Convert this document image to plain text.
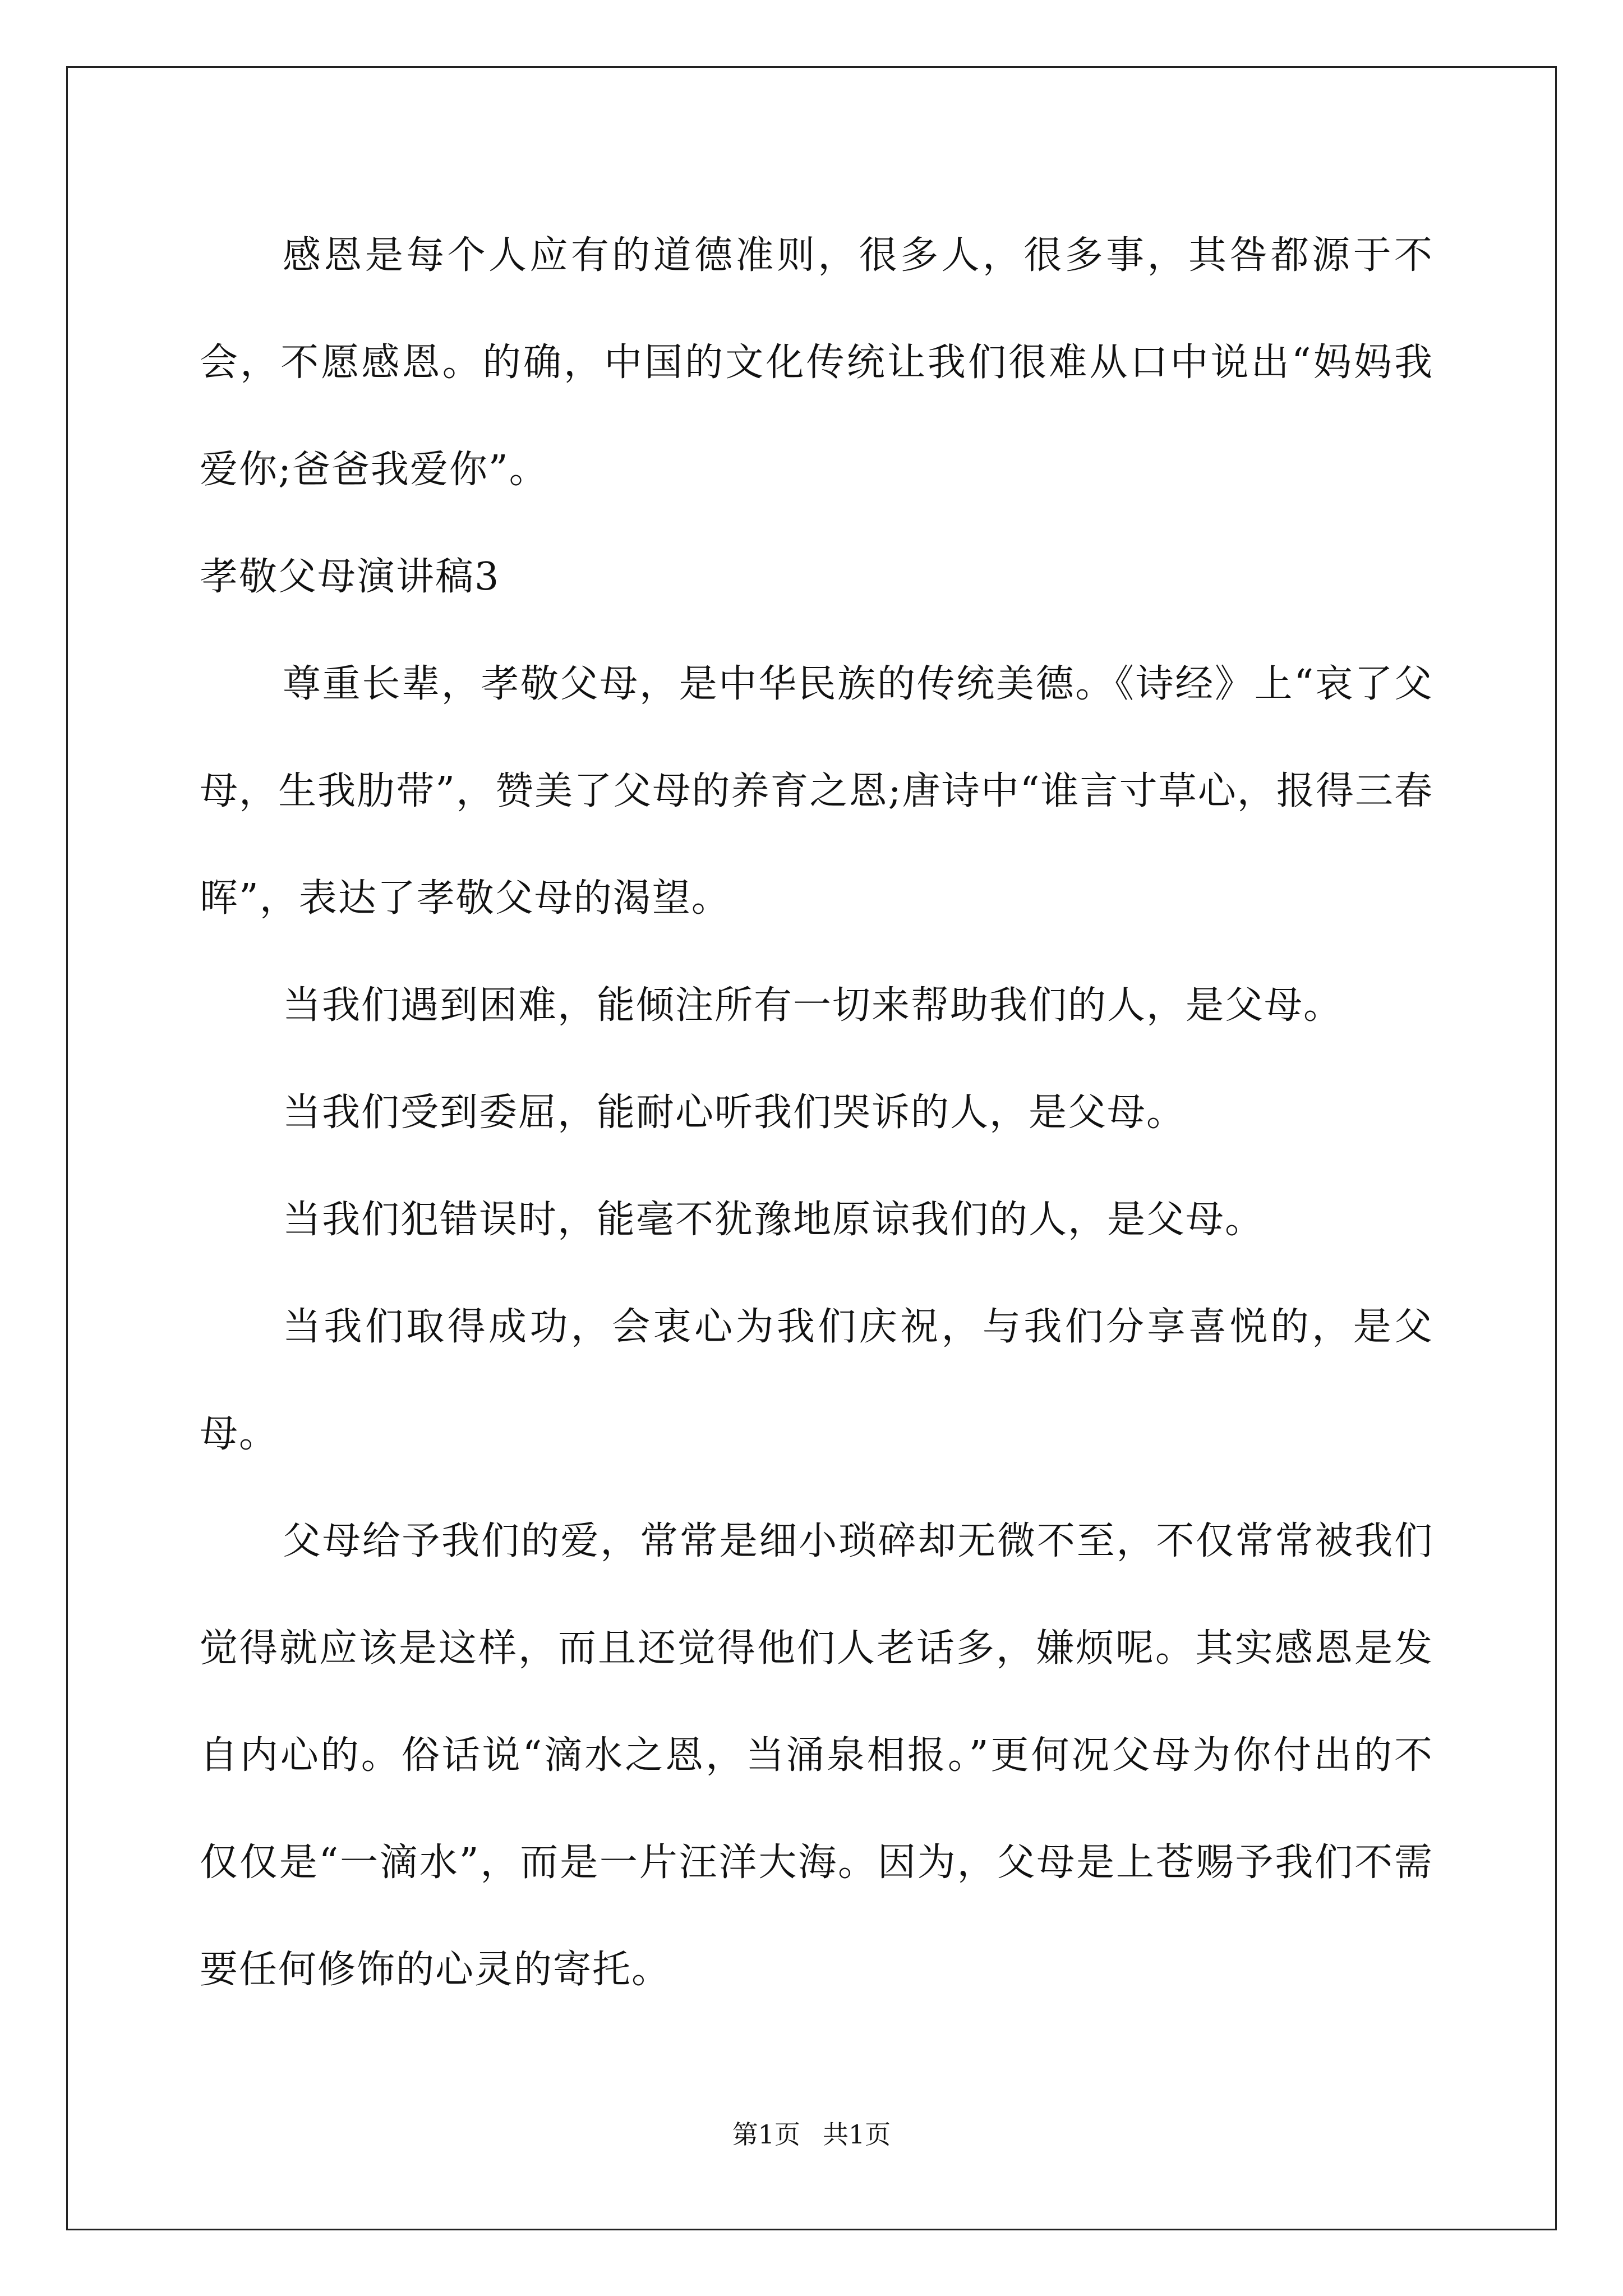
感恩是每个人应有的道德准则，很多人，很多事，其咎都源于不会，不愿感恩。的确，中国的文化传统让我们很难从口中说出“妈妈我爱你;爸爸我爱你”。

孝敬父母演讲稿3

尊重长辈，孝敬父母，是中华民族的传统美德。《诗经》上“哀了父母，生我肋带”，赞美了父母的养育之恩;唐诗中“谁言寸草心，报得三春晖”，表达了孝敬父母的渴望。

当我们遇到困难，能倾注所有一切来帮助我们的人，是父母。

当我们受到委屈，能耐心听我们哭诉的人，是父母。

当我们犯错误时，能毫不犹豫地原谅我们的人，是父母。

当我们取得成功，会衷心为我们庆祝，与我们分享喜悦的，是父母。

父母给予我们的爱，常常是细小琐碎却无微不至，不仅常常被我们觉得就应该是这样，而且还觉得他们人老话多，嫌烦呢。其实感恩是发自内心的。俗话说“滴水之恩，当涌泉相报。”更何况父母为你付出的不仅仅是“一滴水”，而是一片汪洋大海。因为，父母是上苍赐予我们不需要任何修饰的心灵的寄托。

第1页 共1页
